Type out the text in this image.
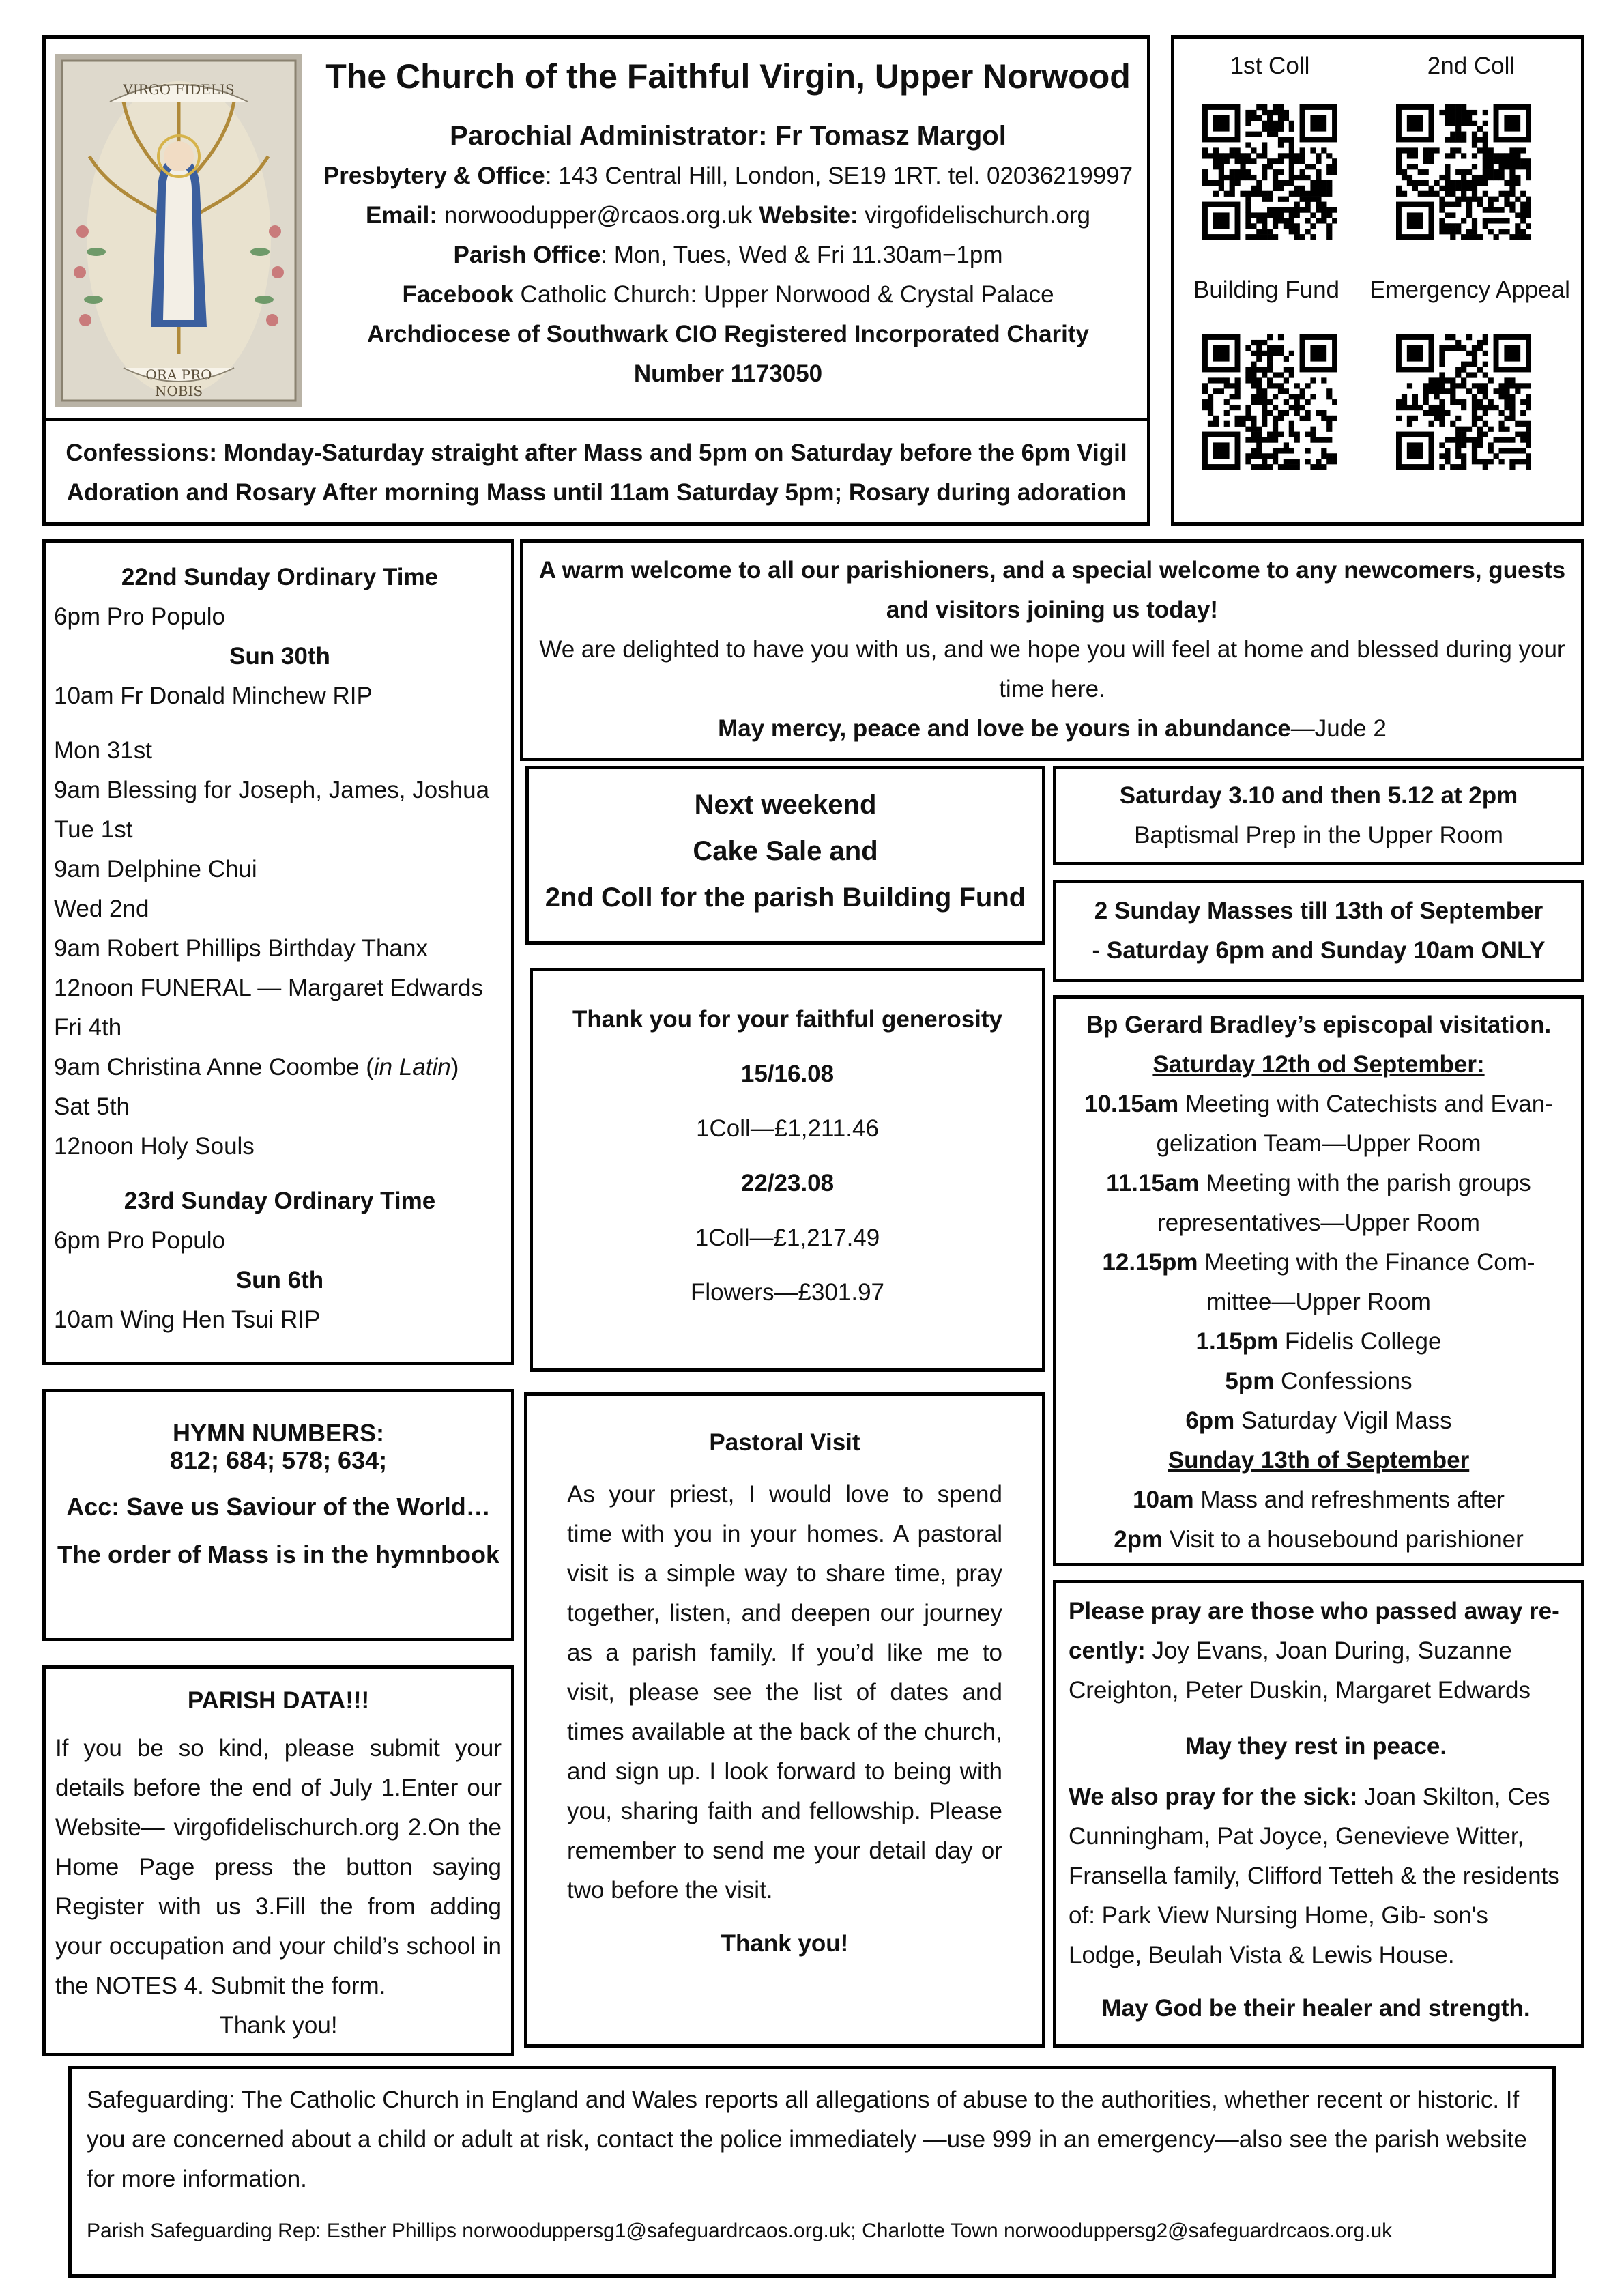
VIRGO FIDELIS
ORA PRO NOBIS

The Church of the Faithful Virgin, Upper Norwood

Parochial Administrator: Fr Tomasz Margol

Presbytery & Office: 143 Central Hill, London, SE19 1RT. tel. 02036219997

Email: norwoodupper@rcaos.org.uk Website: virgofidelischurch.org

Parish Office: Mon, Tues, Wed & Fri 11.30am−1pm

Facebook Catholic Church: Upper Norwood & Crystal Palace

Archdiocese of Southwark CIO Registered Incorporated Charity

Number 1173050

Confessions: Monday-Saturday straight after Mass and 5pm on Saturday before the 6pm Vigil

Adoration and Rosary After morning Mass until 11am Saturday 5pm; Rosary during adoration

1st Coll	2nd Coll
Building Fund	Emergency Appeal

22nd Sunday Ordinary Time

6pm Pro Populo

Sun 30th

10am Fr Donald Minchew RIP

Mon 31st

9am Blessing for Joseph, James, Joshua

Tue 1st

9am Delphine Chui

Wed 2nd

9am Robert Phillips Birthday Thanx

12noon FUNERAL — Margaret Edwards

Fri 4th

9am Christina Anne Coombe (in Latin)

Sat 5th

12noon Holy Souls

23rd Sunday Ordinary Time

6pm Pro Populo

Sun 6th

10am Wing Hen Tsui RIP

HYMN NUMBERS:

812; 684; 578; 634;

Acc: Save us Saviour of the World…

The order of Mass is in the hymnbook

PARISH DATA!!!

If you be so kind, please submit your details before the end of July 1.Enter our Website— virgofidelischurch.org 2.On the Home Page press the button saying Register with us 3.Fill the from adding your occupation and your child’s school in the NOTES 4. Submit the form.

Thank you!

A warm welcome to all our parishioners, and a special welcome to any newcomers, guests and visitors joining us today!

We are delighted to have you with us, and we hope you will feel at home and blessed during your time here.

May mercy, peace and love be yours in abundance—Jude 2

Next weekend

Cake Sale and

2nd Coll for the parish Building Fund

Thank you for your faithful generosity

15/16.08

1Coll—£1,211.46

22/23.08

1Coll—£1,217.49

Flowers—£301.97

Pastoral Visit

As your priest, I would love to spend time with you in your homes. A pastoral visit is a simple way to share time, pray together, listen, and deepen our journey as a parish family. If you’d like me to visit, please see the list of dates and times available at the back of the church, and sign up. I look forward to being with you, sharing faith and fellowship. Please remember to send me your detail day or two before the visit.

Thank you!

Saturday 3.10 and then 5.12 at 2pm

Baptismal Prep in the Upper Room

2 Sunday Masses till 13th of September

- Saturday 6pm and Sunday 10am ONLY

Bp Gerard Bradley’s episcopal visitation.

Saturday 12th od September:

10.15am Meeting with Catechists and Evan-

gelization Team—Upper Room

11.15am Meeting with the parish groups

representatives—Upper Room

12.15pm Meeting with the Finance Com-

mittee—Upper Room

1.15pm Fidelis College

5pm Confessions

6pm Saturday Vigil Mass

Sunday 13th of September

10am Mass and refreshments after

2pm Visit to a housebound parishioner

Please pray are those who passed away re- cently: Joy Evans, Joan During, Suzanne Creighton, Peter Duskin, Margaret Edwards

May they rest in peace.

We also pray for the sick: Joan Skilton, Ces Cunningham, Pat Joyce, Genevieve Witter, Fransella family, Clifford Tetteh & the residents of: Park View Nursing Home, Gib- son's Lodge, Beulah Vista & Lewis House.

May God be their healer and strength.

Safeguarding: The Catholic Church in England and Wales reports all allegations of abuse to the authorities, whether recent or historic. If you are concerned about a child or adult at risk, contact the police immediately —use 999 in an emergency—also see the parish website for more information.

Parish Safeguarding Rep: Esther Phillips norwooduppersg1@safeguardrcaos.org.uk; Charlotte Town norwooduppersg2@safeguardrcaos.org.uk
